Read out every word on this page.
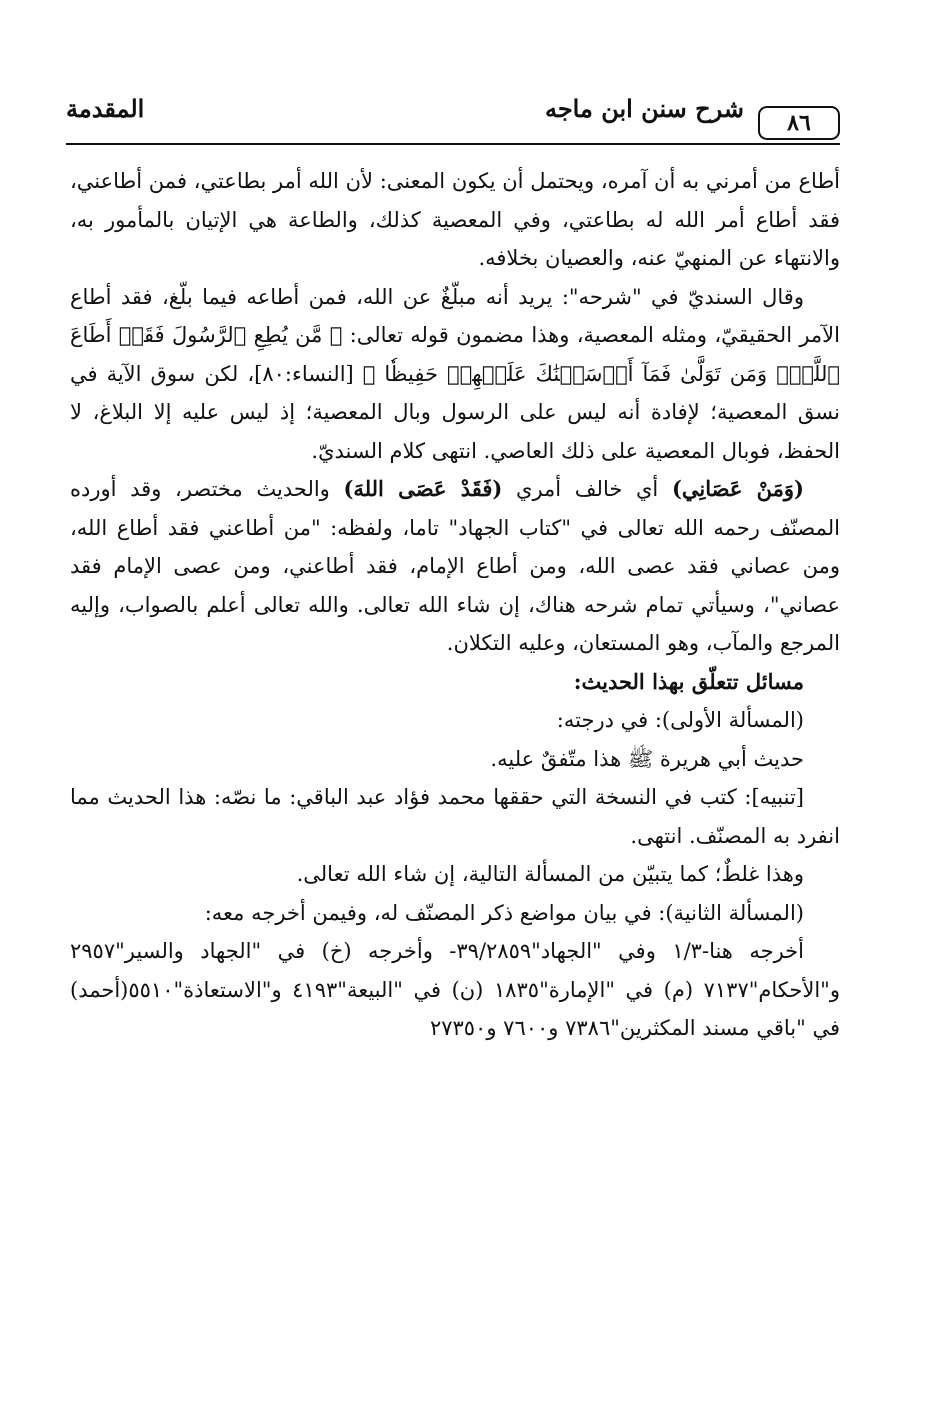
٨٦
شرح سنن ابن ماجه
المقدمة

أطاع من أمرني به أن آمره، ويحتمل أن يكون المعنى: لأن الله أمر بطاعتي، فمن أطاعني، فقد أطاع أمر الله له بطاعتي، وفي المعصية كذلك، والطاعة هي الإتيان بالمأمور به، والانتهاء عن المنهيّ عنه، والعصيان بخلافه.

وقال السنديّ في "شرحه": يريد أنه مبلّغٌ عن الله، فمن أطاعه فيما بلّغ، فقد أطاع الآمر الحقيقيّ، ومثله المعصية، وهذا مضمون قوله تعالى: ﴿ مَّن يُطِعِ ٱلرَّسُولَ فَقَدۡ أَطَاعَ ٱللَّهَۖ وَمَن تَوَلَّىٰ فَمَآ أَرۡسَلۡنَٰكَ عَلَيۡهِمۡ حَفِيظٗا ﴾ [النساء:٨٠]، لكن سوق الآية في نسق المعصية؛ لإفادة أنه ليس على الرسول وبال المعصية؛ إذ ليس عليه إلا البلاغ، لا الحفظ، فوبال المعصية على ذلك العاصي. انتهى كلام السنديّ.

(وَمَنْ عَصَانِي) أي خالف أمري (فَقَدْ عَصَى اللهَ) والحديث مختصر، وقد أورده المصنّف رحمه الله تعالى في "كتاب الجهاد" تاما، ولفظه: "من أطاعني فقد أطاع الله، ومن عصاني فقد عصى الله، ومن أطاع الإمام، فقد أطاعني، ومن عصى الإمام فقد عصاني"، وسيأتي تمام شرحه هناك، إن شاء الله تعالى. والله تعالى أعلم بالصواب، وإليه المرجع والمآب، وهو المستعان، وعليه التكلان.

مسائل تتعلّق بهذا الحديث:

(المسألة الأولى): في درجته:

حديث أبي هريرة ﷺ هذا متّفقٌ عليه.

[تنبيه]: كتب في النسخة التي حققها محمد فؤاد عبد الباقي: ما نصّه: هذا الحديث مما انفرد به المصنّف. انتهى.

وهذا غلطٌ؛ كما يتبيّن من المسألة التالية، إن شاء الله تعالى.

(المسألة الثانية): في بيان مواضع ذكر المصنّف له، وفيمن أخرجه معه:

أخرجه هنا-١/٣ وفي "الجهاد"٣٩/٢٨٥٩- وأخرجه (خ) في "الجهاد والسير"٢٩٥٧ و"الأحكام"٧١٣٧ (م) في "الإمارة"١٨٣٥ (ن) في "البيعة"٤١٩٣ و"الاستعاذة"٥٥١٠(أحمد) في "باقي مسند المكثرين"٧٣٨٦ و٧٦٠٠ و٢٧٣٥٠
